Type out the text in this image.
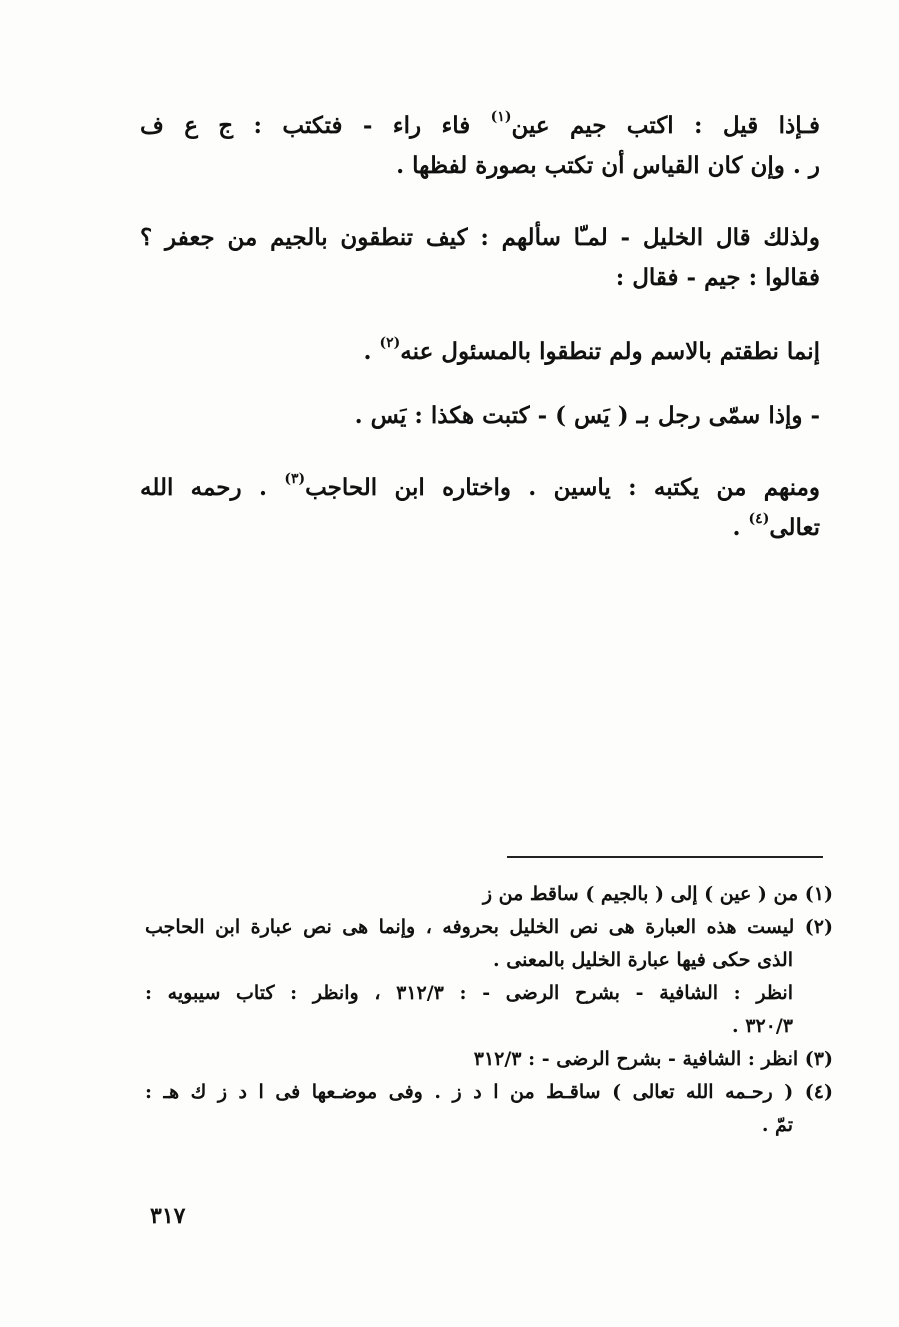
فـإذا قيل : اكتب جيم عين$^{(١)}$ فاء راء - فتكتب : ج ع ف
ر . وإن كان القياس أن تكتب بصورة لفظها .
ولذلك قال الخليل - لمـّا سألهم : كيف تنطقون بالجيم من جعفر ؟
فقالوا : جيم - فقال :
إنما نطقتم بالاسم ولم تنطقوا بالمسئول عنه$^{(٢)}$ .
- وإذا سمّى رجل بـ ( يَس ) - كتبت هكذا : يَس .
ومنهم من يكتبه : ياسين . واختاره ابن الحاجب$^{(٣)}$ . رحمه الله
تعالى$^{(٤)}$ .
(١) من ( عين ) إلى ( بالجيم ) ساقط من ز
(٢) ليست هذه العبارة هى نص الخليل بحروفه ، وإنما هى نص عبارة ابن الحاجب
الذى حكى فيها عبارة الخليل بالمعنى .
انظر : الشافية - بشرح الرضى - : ٣١٢/٣ ، وانظر : كتاب سيبويه :
٣٢٠/٣ .
(٣) انظر : الشافية - بشرح الرضى - : ٣١٢/٣
(٤) ( رحـمه الله تعالى ) ساقـط من ا د ز . وفى موضـعها فى ا د ز ك هـ :
تمّ .
٣١٧
